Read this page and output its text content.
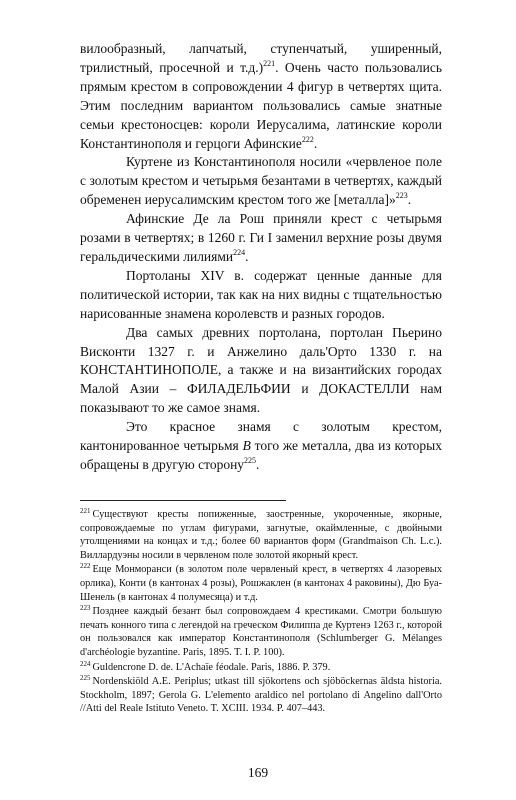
вилообразный, лапчатый, ступенчатый, уширенный, трилистный, просечной и т.д.)$^{221}$. Очень часто пользовались прямым крестом в сопровождении 4 фигур в четвертях щита. Этим последним вариантом пользовались самые знатные семьи крестоносцев: короли Иерусалима, латинские короли Константинополя и герцоги Афинские$^{222}$.

Куртене из Константинополя носили «червленое поле с золотым крестом и четырьмя безантами в четвертях, каждый обременен иерусалимским крестом того же [металла]»$^{223}$.

Афинские Де ла Рош приняли крест с четырьмя розами в четвертях; в 1260 г. Ги I заменил верхние розы двумя геральдическими лилиями$^{224}$.

Портоланы XIV в. содержат ценные данные для политической истории, так как на них видны с тщательностью нарисованные знамена королевств и разных городов.

Два самых древних портолана, портолан Пьерино Висконти 1327 г. и Анжелино даль'Орто 1330 г. на КОНСТАНТИНОПОЛЕ, а также и на византийских городах Малой Азии – ФИЛАДЕЛЬФИИ и ДОКАСТЕЛЛИ нам показывают то же самое знамя.

Это красное знамя с золотым крестом, кантонированное четырьмя B того же металла, два из которых обращены в другую сторону$^{225}$.

$^{221}$ Существуют кресты попиженные, заостренные, укороченные, якорные, сопровождаемые по углам фигурами, загнутые, окаймлeнные, с двойными утолщениями на концах и т.д.; более 60 вариантов форм (Grandmaison Ch. L.c.). Виллардуэны носили в червленом поле золотой якорный крест.
$^{222}$ Еще Монморанси (в золотом поле червленый крест, в четвертях 4 лазоревых орлика), Конти (в кантонах 4 розы), Рошжаклен (в кантонах 4 раковины), Дю Буа-Шенель (в кантонах 4 полумесяца) и т.д.
$^{223}$ Позднее каждый безант был сопровождаем 4 крестиками. Смотри большую печать конного типа с легендой на греческом Филиппа де Куртенэ 1263 г., которой он пользовался как император Константинополя (Schlumberger G. Mélanges d'archéologie byzantine. Paris, 1895. T. I. P. 100).
$^{224}$ Guldencrone D. de. L'Achaïe féodale. Paris, 1886. P. 379.
$^{225}$ Nordenskiöld A.E. Periplus; utkast till sjökortens och sjöböckernas äldsta historia. Stockholm, 1897; Gerola G. L'elemento araldico nel portolano di Angelino dall'Orto //Atti del Reale Istituto Veneto. T. XCIII. 1934. P. 407–443.
169
